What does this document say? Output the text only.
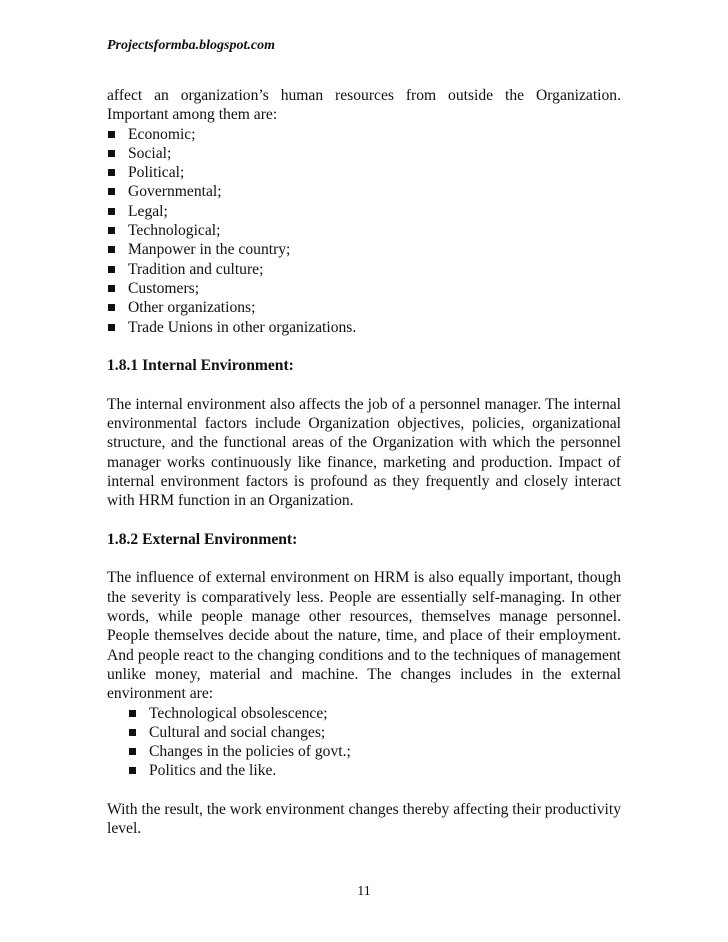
Projectsformba.blogspot.com

affect an organization’s human resources from outside the Organization. Important among them are:

Economic;
Social;
Political;
Governmental;
Legal;
Technological;
Manpower in the country;
Tradition and culture;
Customers;
Other organizations;
Trade Unions in other organizations.

1.8.1 Internal Environment:

The internal environment also affects the job of a personnel manager. The internal environmental factors include Organization objectives, policies, organizational structure, and the functional areas of the Organization with which the personnel manager works continuously like finance, marketing and production. Impact of internal environment factors is profound as they frequently and closely interact with HRM function in an Organization.

1.8.2 External Environment:

The influence of external environment on HRM is also equally important, though the severity is comparatively less. People are essentially self-managing. In other words, while people manage other resources, themselves manage personnel. People themselves decide about the nature, time, and place of their employment. And people react to the changing conditions and to the techniques of management unlike money, material and machine. The changes includes in the external environment are:

Technological obsolescence;
Cultural and social changes;
Changes in the policies of govt.;
Politics and the like.

With the result, the work environment changes thereby affecting their productivity level.

11
